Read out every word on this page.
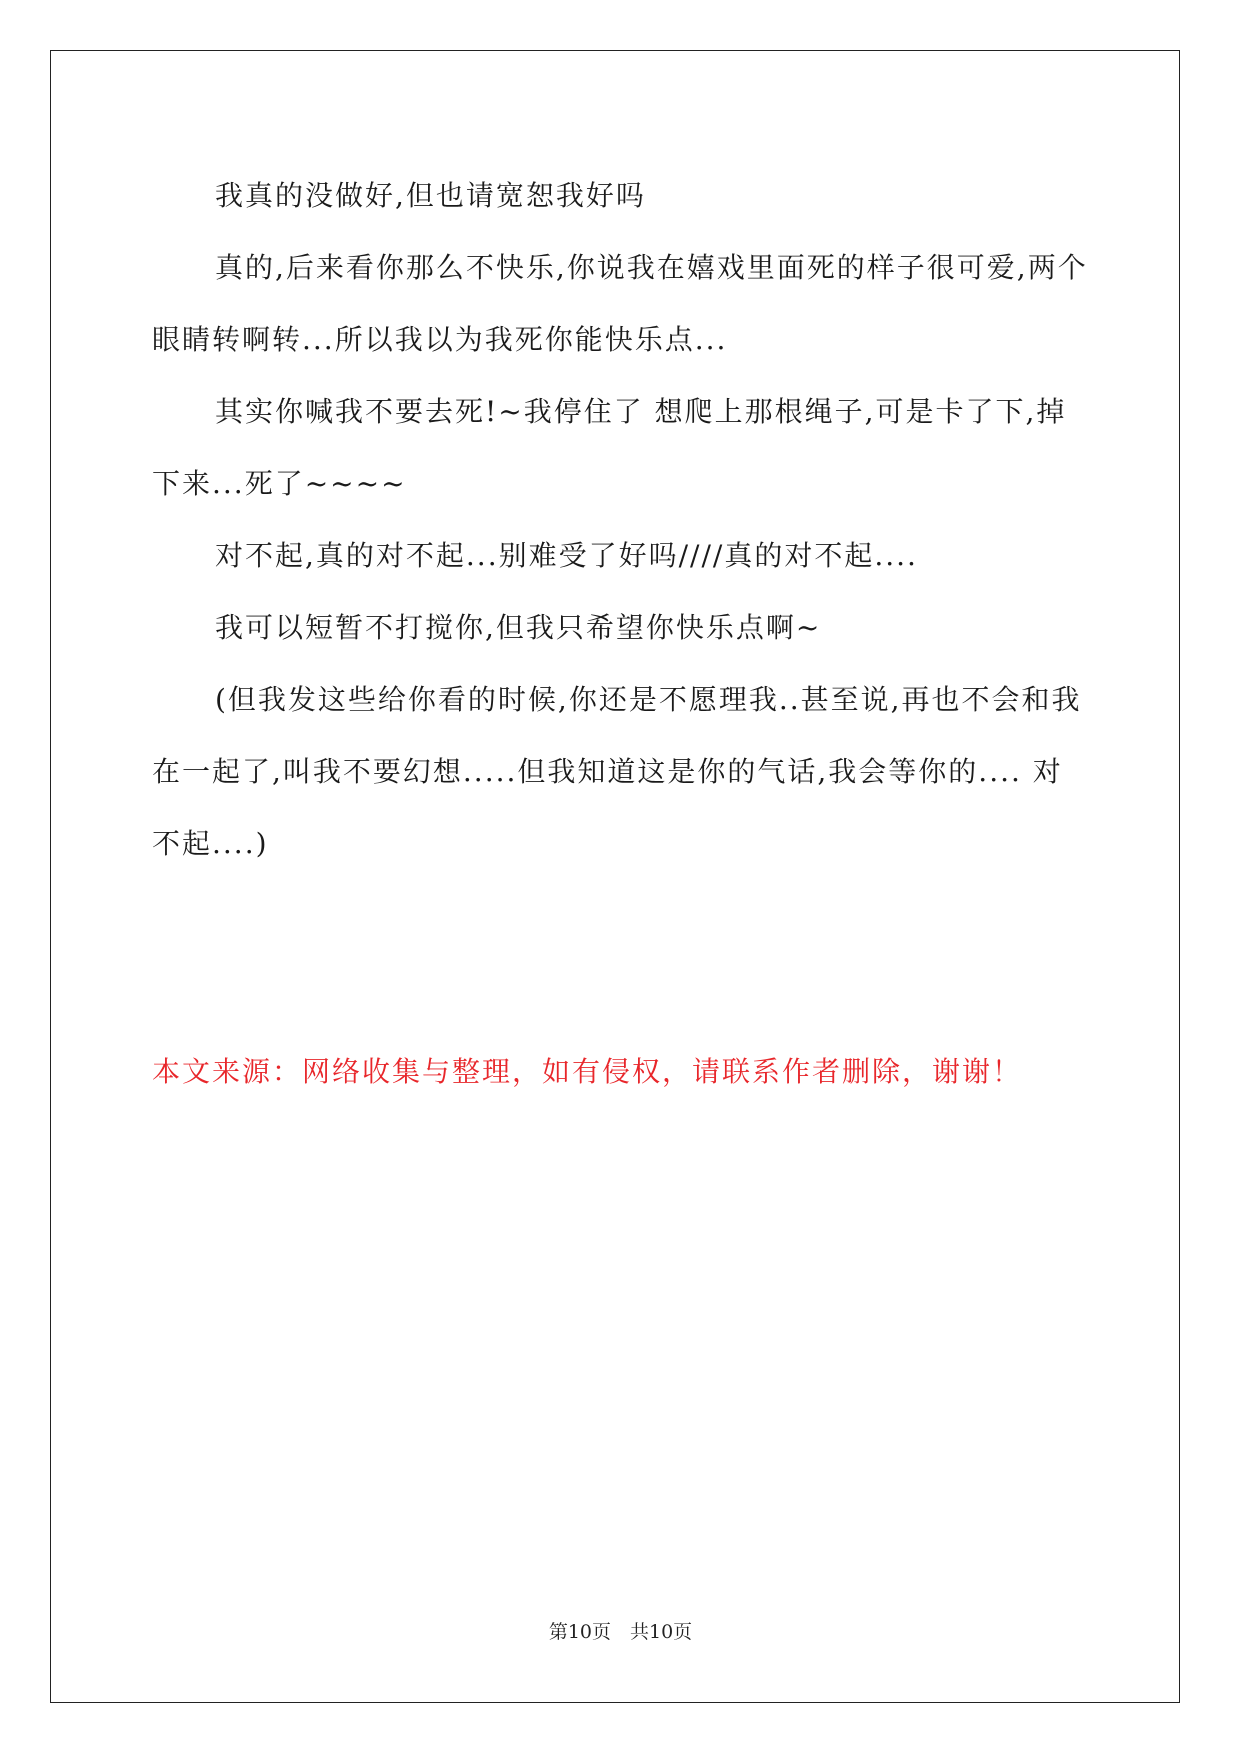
我真的没做好,但也请宽恕我好吗

真的,后来看你那么不快乐,你说我在嬉戏里面死的样子很可爱,两个眼睛转啊转...所以我以为我死你能快乐点...

其实你喊我不要去死!~我停住了 想爬上那根绳子,可是卡了下,掉下来...死了~~~~

对不起,真的对不起...别难受了好吗////真的对不起....

我可以短暂不打搅你,但我只希望你快乐点啊~

(但我发这些给你看的时候,你还是不愿理我..甚至说,再也不会和我在一起了,叫我不要幻想.....但我知道这是你的气话,我会等你的.... 对不起....)

本文来源：网络收集与整理，如有侵权，请联系作者删除，谢谢！

第10页　共10页
